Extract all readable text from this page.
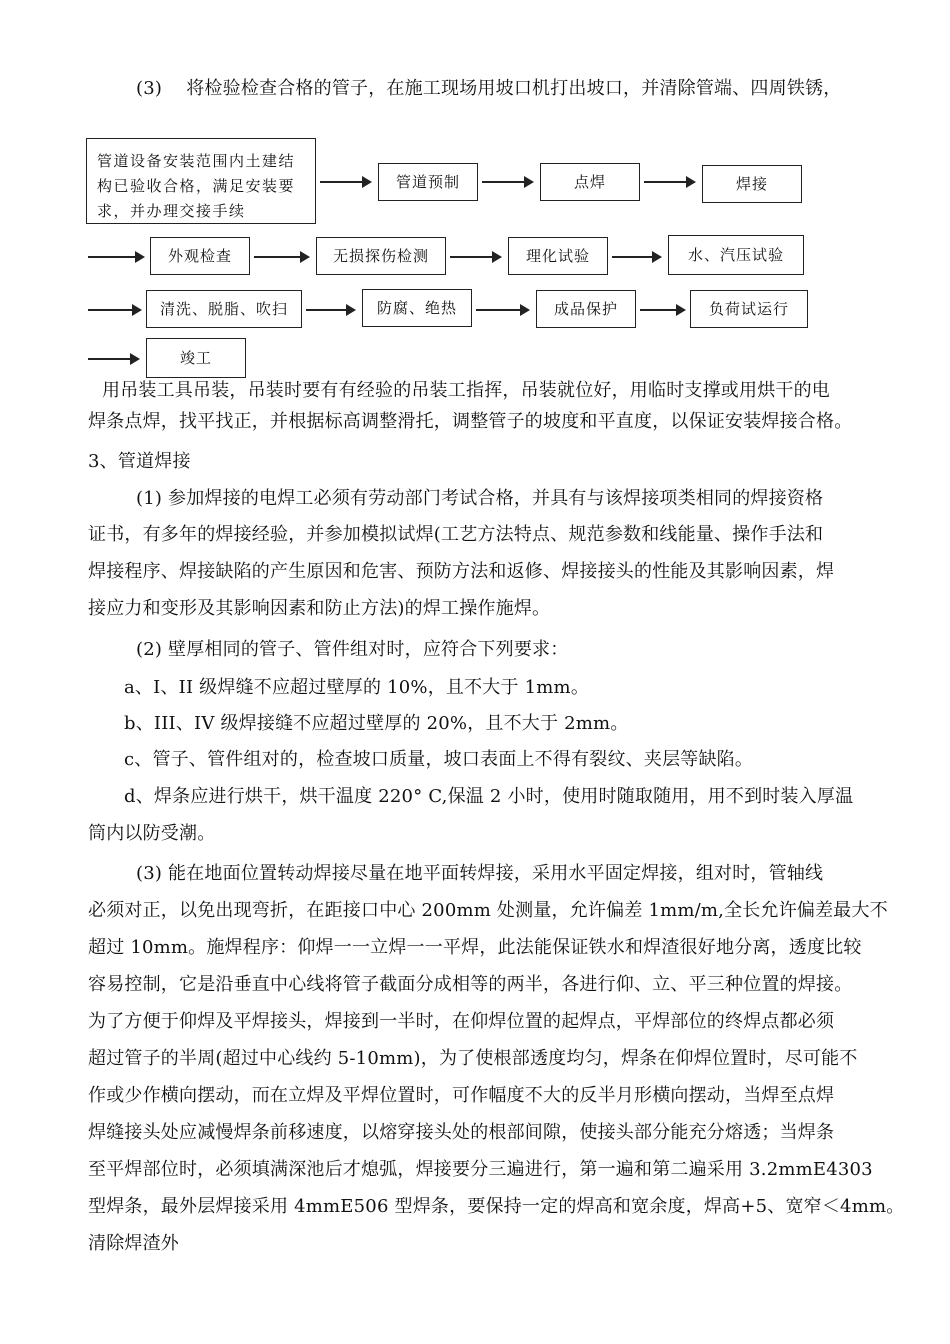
(3)　 将检验检查合格的管子，在施工现场用坡口机打出坡口，并清除管端、四周铁锈，
管道设备安装范围内土建结
构已验收合格，满足安装要
求，并办理交接手续
管道预制	点焊	焊接
外观检查	无损探伤检测	理化试验	水、汽压试验
清洗、脱脂、吹扫	防腐、绝热	成品保护	负荷试运行
竣工
用吊装工具吊装，吊装时要有有经验的吊装工指挥，吊装就位好，用临时支撑或用烘干的电
焊条点焊，找平找正，并根据标高调整滑托，调整管子的坡度和平直度，以保证安装焊接合格。
3、管道焊接
(1) 参加焊接的电焊工必须有劳动部门考试合格，并具有与该焊接项类相同的焊接资格
证书，有多年的焊接经验，并参加模拟试焊(工艺方法特点、规范参数和线能量、操作手法和
焊接程序、焊接缺陷的产生原因和危害、预防方法和返修、焊接接头的性能及其影响因素，焊
接应力和变形及其影响因素和防止方法)的焊工操作施焊。
(2) 壁厚相同的管子、管件组对时，应符合下列要求：
a、I、II 级焊缝不应超过壁厚的 10%，且不大于 1mm。
b、III、IV 级焊接缝不应超过壁厚的 20%，且不大于 2mm。
c、管子、管件组对的，检查坡口质量，坡口表面上不得有裂纹、夹层等缺陷。
d、焊条应进行烘干，烘干温度 220° C,保温 2 小时，使用时随取随用，用不到时装入厚温
筒内以防受潮。
(3) 能在地面位置转动焊接尽量在地平面转焊接，采用水平固定焊接，组对时，管轴线
必须对正，以免出现弯折，在距接口中心 200mm 处测量，允许偏差 1mm/m,全长允许偏差最大不
超过 10mm。施焊程序：仰焊一一立焊一一平焊，此法能保证铁水和焊渣很好地分离，透度比较
容易控制，它是沿垂直中心线将管子截面分成相等的两半，各进行仰、立、平三种位置的焊接。
为了方便于仰焊及平焊接头，焊接到一半时，在仰焊位置的起焊点，平焊部位的终焊点都必须
超过管子的半周(超过中心线约 5-10mm)，为了使根部透度均匀，焊条在仰焊位置时，尽可能不
作或少作横向摆动，而在立焊及平焊位置时，可作幅度不大的反半月形横向摆动，当焊至点焊
焊缝接头处应减慢焊条前移速度，以熔穿接头处的根部间隙，使接头部分能充分熔透；当焊条
至平焊部位时，必须填满深池后才熄弧，焊接要分三遍进行，第一遍和第二遍采用 3.2mmE4303
型焊条，最外层焊接采用 4mmE506 型焊条，要保持一定的焊高和宽余度，焊高+5、宽窄＜4mm。
清除焊渣外
